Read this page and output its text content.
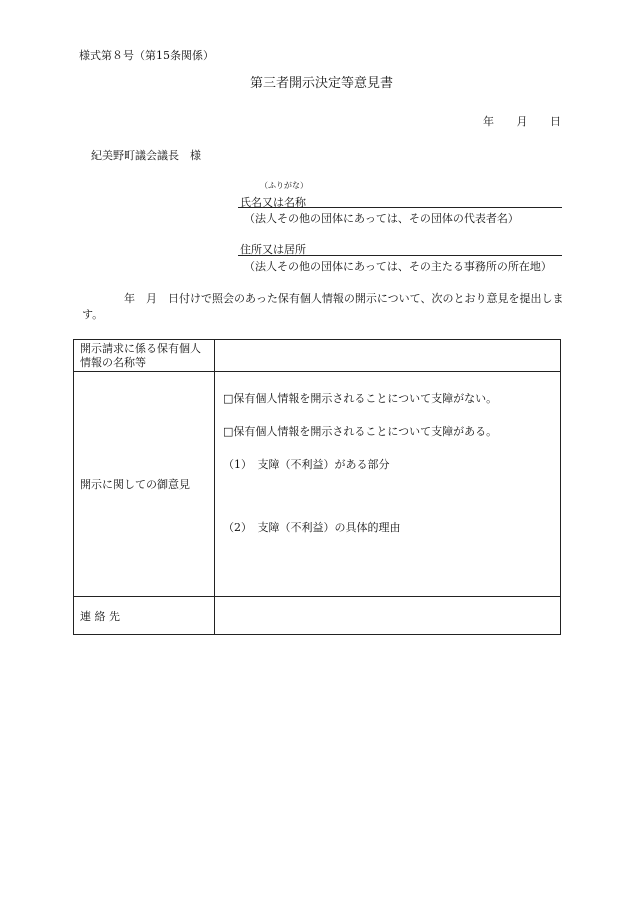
様式第８号（第15条関係）
第三者開示決定等意見書
年 月 日
紀美野町議会議長　様
（ふりがな）
氏名又は名称
（法人その他の団体にあっては、その団体の代表者名）
住所又は居所
（法人その他の団体にあっては、その主たる事務所の所在地）
年　月　日付けで照会のあった保有個人情報の開示について、次のとおり意見を提出します。
開示請求に係る保有個人情報の名称等	
開示に関しての御意見	□保有個人情報を開示されることについて支障がない。
□保有個人情報を開示されることについて支障がある。
（1）　支障（不利益）がある部分
（2）　支障（不利益）の具体的理由

連 絡 先	
